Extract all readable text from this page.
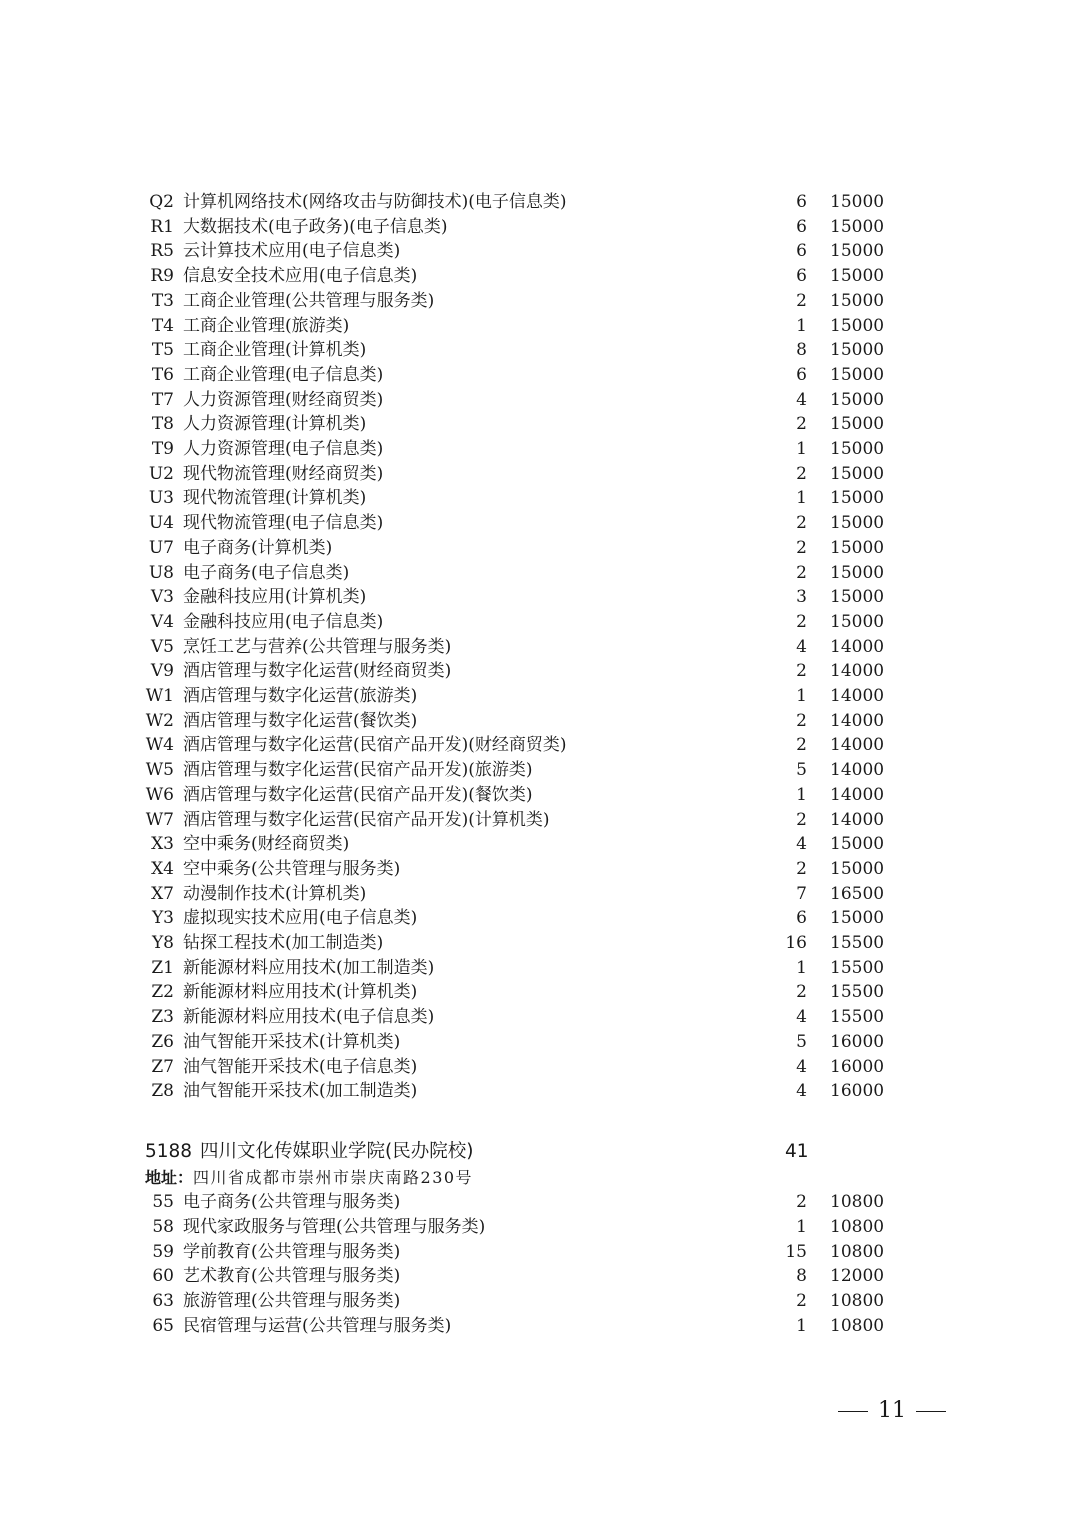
Q2 计算机网络技术(网络攻击与防御技术)(电子信息类)	6 15000
R1 大数据技术(电子政务)(电子信息类)	6 15000
R5 云计算技术应用(电子信息类)	6 15000
R9 信息安全技术应用(电子信息类)	6 15000
T3 工商企业管理(公共管理与服务类)	2 15000
T4 工商企业管理(旅游类)	1 15000
T5 工商企业管理(计算机类)	8 15000
T6 工商企业管理(电子信息类)	6 15000
T7 人力资源管理(财经商贸类)	4 15000
T8 人力资源管理(计算机类)	2 15000
T9 人力资源管理(电子信息类)	1 15000
U2 现代物流管理(财经商贸类)	2 15000
U3 现代物流管理(计算机类)	1 15000
U4 现代物流管理(电子信息类)	2 15000
U7 电子商务(计算机类)	2 15000
U8 电子商务(电子信息类)	2 15000
V3 金融科技应用(计算机类)	3 15000
V4 金融科技应用(电子信息类)	2 15000
V5 烹饪工艺与营养(公共管理与服务类)	4 14000
V9 酒店管理与数字化运营(财经商贸类)	2 14000
W1 酒店管理与数字化运营(旅游类)	1 14000
W2 酒店管理与数字化运营(餐饮类)	2 14000
W4 酒店管理与数字化运营(民宿产品开发)(财经商贸类)	2 14000
W5 酒店管理与数字化运营(民宿产品开发)(旅游类)	5 14000
W6 酒店管理与数字化运营(民宿产品开发)(餐饮类)	1 14000
W7 酒店管理与数字化运营(民宿产品开发)(计算机类)	2 14000
X3 空中乘务(财经商贸类)	4 15000
X4 空中乘务(公共管理与服务类)	2 15000
X7 动漫制作技术(计算机类)	7 16500
Y3 虚拟现实技术应用(电子信息类)	6 15000
Y8 钻探工程技术(加工制造类)	16 15500
Z1 新能源材料应用技术(加工制造类)	1 15500
Z2 新能源材料应用技术(计算机类)	2 15500
Z3 新能源材料应用技术(电子信息类)	4 15500
Z6 油气智能开采技术(计算机类)	5 16000
Z7 油气智能开采技术(电子信息类)	4 16000
Z8 油气智能开采技术(加工制造类)	4 16000
5188 四川文化传媒职业学院(民办院校)	41
地址：四川省成都市崇州市崇庆南路230号
55 电子商务(公共管理与服务类)	2 10800
58 现代家政服务与管理(公共管理与服务类)	1 10800
59 学前教育(公共管理与服务类)	15 10800
60 艺术教育(公共管理与服务类)	8 12000
63 旅游管理(公共管理与服务类)	2 10800
65 民宿管理与运营(公共管理与服务类)	1 10800
11
